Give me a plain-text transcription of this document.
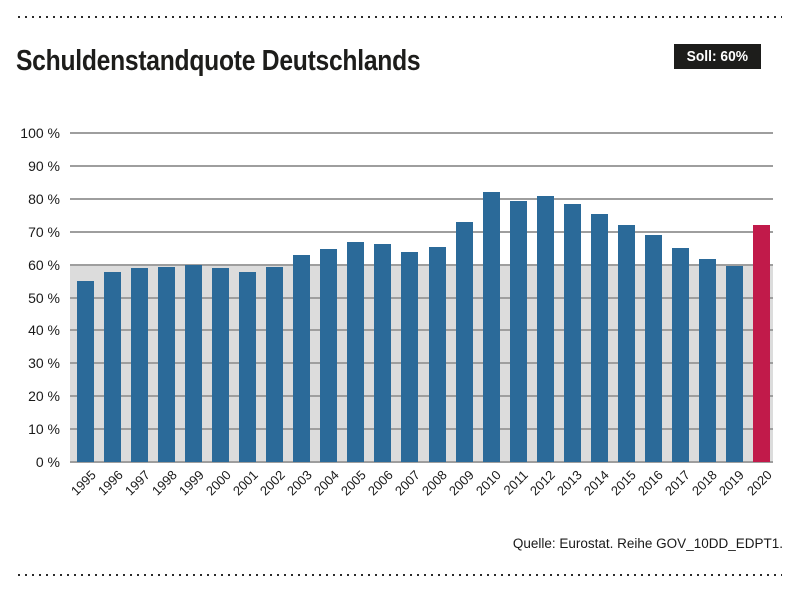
Schuldenstandquote Deutschlands	Soll: 60%
0 %
10 %
20 %
30 %
40 %
50 %
60 %
70 %
80 %
90 %
100 %
1995
1996
1997
1998
1999
2000
2001
2002
2003
2004
2005
2006
2007
2008
2009
2010
2011
2012
2013
2014
2015
2016
2017
2018
2019
2020
Quelle: Eurostat. Reihe GOV_10DD_EDPT1.
